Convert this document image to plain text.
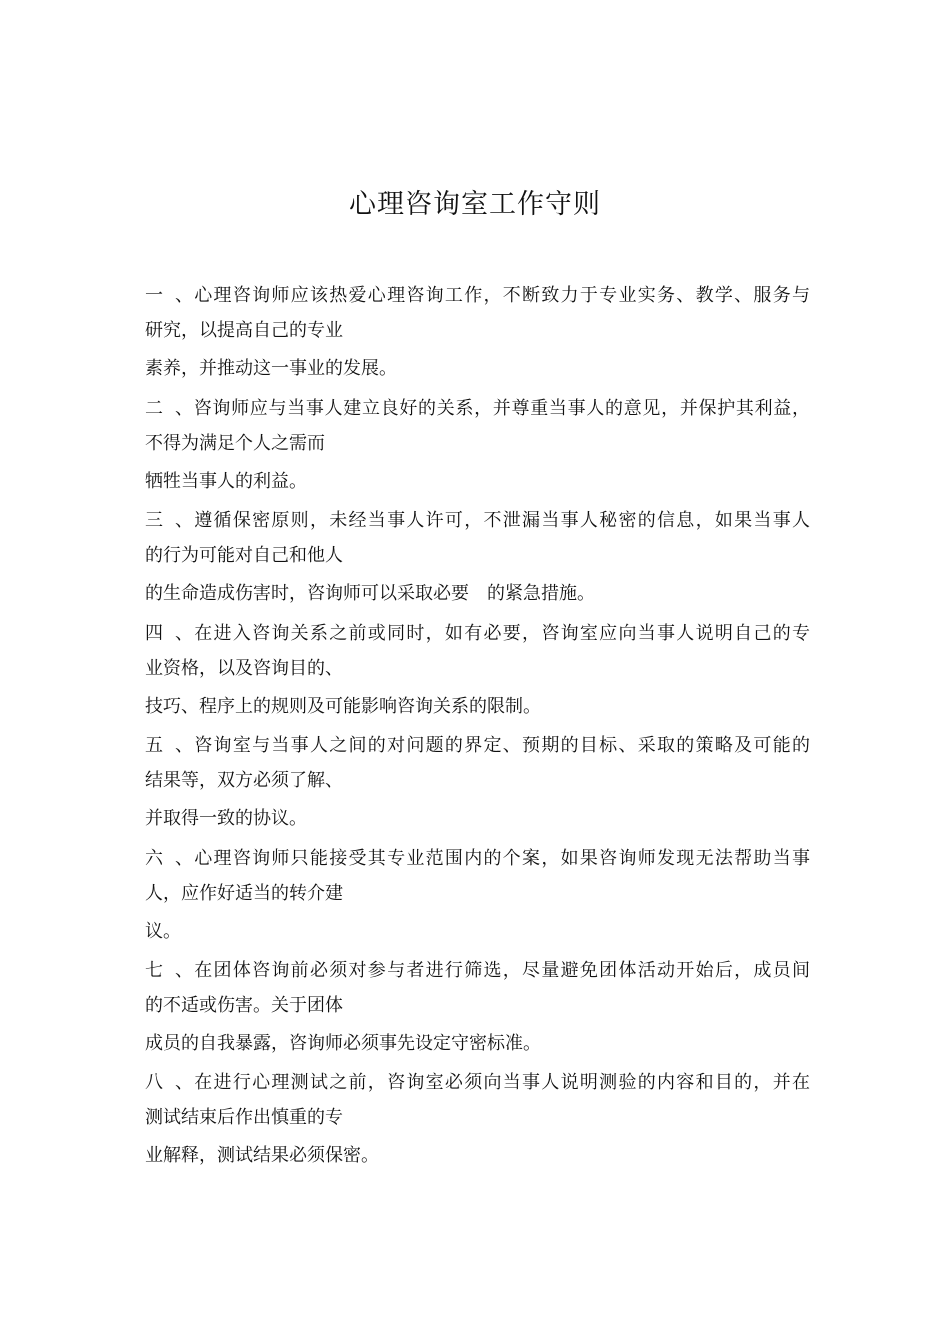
心理咨询室工作守则
一、心理咨询师应该热爱心理咨询工作，不断致力于专业实务、教学、服务与
研究，以提高自己的专业
素养，并推动这一事业的发展。
二、咨询师应与当事人建立良好的关系，并尊重当事人的意见，并保护其利益，
不得为满足个人之需而
牺牲当事人的利益。
三、遵循保密原则，未经当事人许可，不泄漏当事人秘密的信息，如果当事人
的行为可能对自己和他人
的生命造成伤害时，咨询师可以采取必要　的紧急措施。
四、在进入咨询关系之前或同时，如有必要，咨询室应向当事人说明自己的专
业资格，以及咨询目的、
技巧、程序上的规则及可能影响咨询关系的限制。
五、咨询室与当事人之间的对问题的界定、预期的目标、采取的策略及可能的
结果等，双方必须了解、
并取得一致的协议。
六、心理咨询师只能接受其专业范围内的个案，如果咨询师发现无法帮助当事
人，应作好适当的转介建
议。
七、在团体咨询前必须对参与者进行筛选，尽量避免团体活动开始后，成员间
的不适或伤害。关于团体
成员的自我暴露，咨询师必须事先设定守密标准。
八、在进行心理测试之前，咨询室必须向当事人说明测验的内容和目的，并在
测试结束后作出慎重的专
业解释，测试结果必须保密。
